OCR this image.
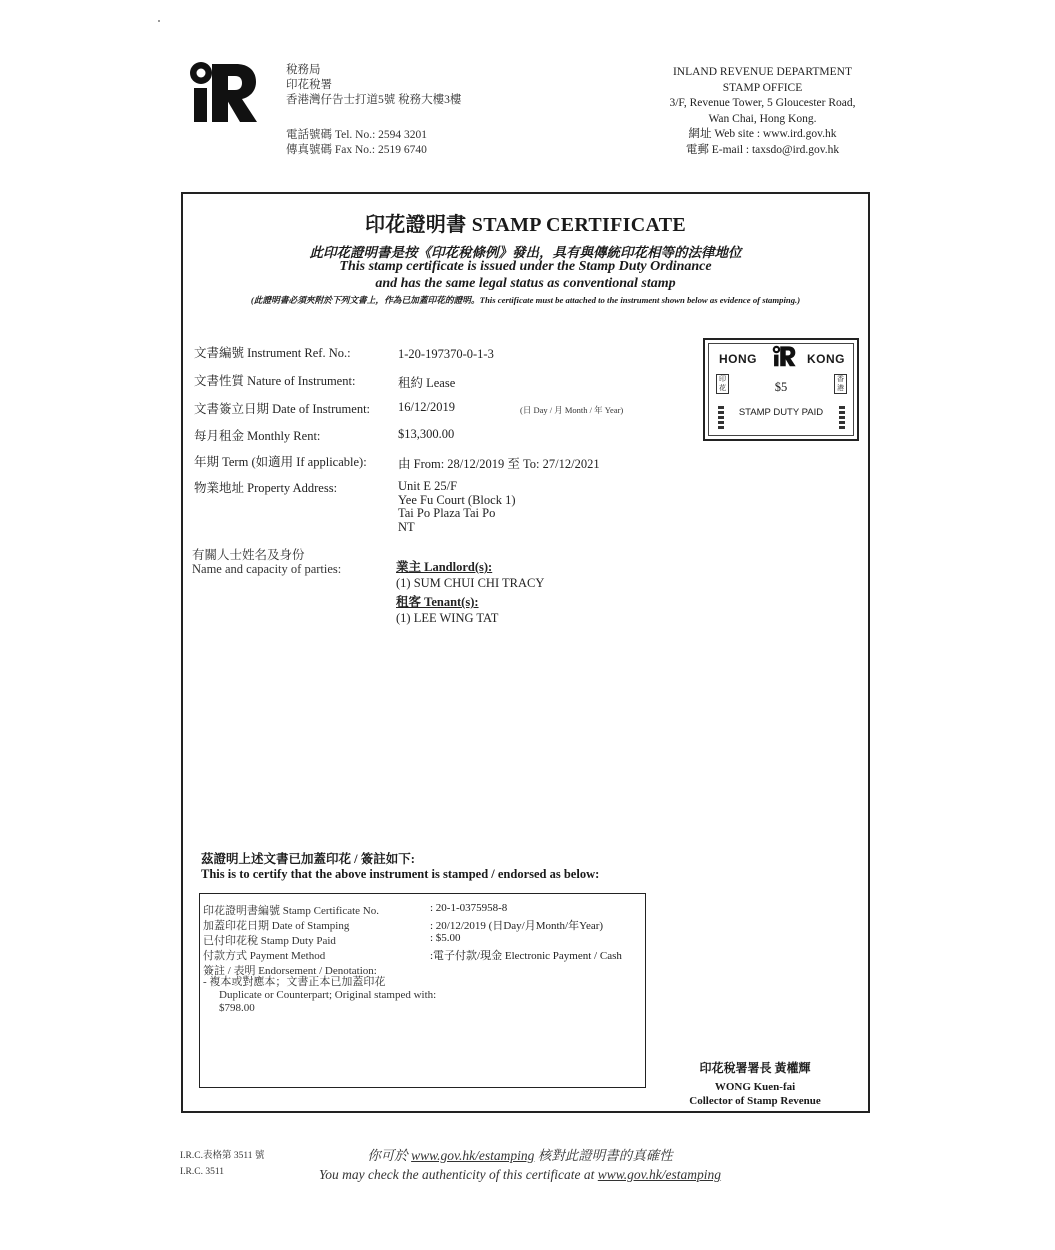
稅務局
印花稅署
香港灣仔告士打道5號 稅務大樓3樓
電話號碼 Tel. No.: 2594 3201
傳真號碼 Fax No.: 2519 6740
INLAND REVENUE DEPARTMENT
STAMP OFFICE
3/F, Revenue Tower, 5 Gloucester Road,
Wan Chai, Hong Kong.
網址 Web site : www.ird.gov.hk
電郵 E-mail : taxsdo@ird.gov.hk
印花證明書 STAMP CERTIFICATE
此印花證明書是按《印花稅條例》發出，具有與傳統印花相等的法律地位
This stamp certificate is issued under the Stamp Duty Ordinance
and has the same legal status as conventional stamp
(此證明書必須夾附於下列文書上，作為已加蓋印花的證明。This certificate must be attached to the instrument shown below as evidence of stamping.)
文書編號 Instrument Ref. No.:	1-20-197370-0-1-3
文書性質 Nature of Instrument:	租約 Lease
文書簽立日期 Date of Instrument: 16/12/2019	(日 Day / 月 Month / 年 Year)
每月租金 Monthly Rent:	$13,300.00
年期 Term (如適用 If applicable):	由 From: 28/12/2019 至 To: 27/12/2021
物業地址 Property Address:	Unit E 25/F
Yee Fu Court (Block 1)
Tai Po Plaza Tai Po
NT
有關人士姓名及身份
Name and capacity of parties:	業主 Landlord(s):
(1) SUM CHUI CHI TRACY
租客 Tenant(s):
(1) LEE WING TAT
HONG	KONG
印花
香港
$5
STAMP DUTY PAID
茲證明上述文書已加蓋印花 / 簽註如下:
This is to certify that the above instrument is stamped / endorsed as below:
印花證明書編號 Stamp Certificate No.	: 20-1-0375958-8
加蓋印花日期 Date of Stamping	: 20/12/2019 (日Day/月Month/年Year)
已付印花稅 Stamp Duty Paid	: $5.00
付款方式 Payment Method	:電子付款/現金 Electronic Payment / Cash
簽註 / 表明 Endorsement / Denotation:
- 複本或對應本；文書正本已加蓋印花
Duplicate or Counterpart; Original stamped with:
$798.00
印花稅署署長 黃權輝
WONG Kuen-fai
Collector of Stamp Revenue
I.R.C.表格第 3511 號
I.R.C. 3511
你可於 www.gov.hk/estamping 核對此證明書的真確性
You may check the authenticity of this certificate at www.gov.hk/estamping
